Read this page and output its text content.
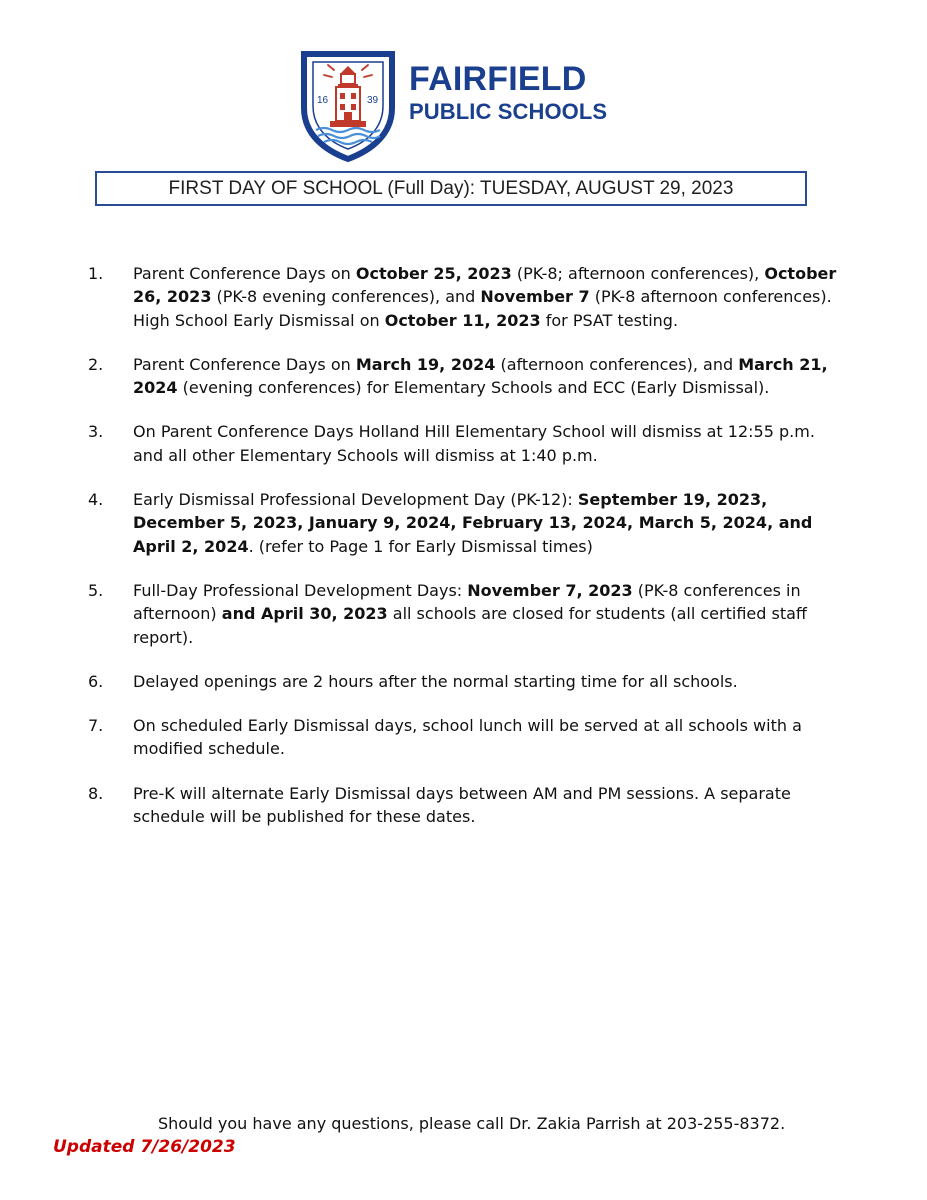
16	39
FAIRFIELD
PUBLIC SCHOOLS
FIRST DAY OF SCHOOL (Full Day): TUESDAY, AUGUST 29, 2023
1. Parent Conference Days on October 25, 2023 (PK-8; afternoon conferences), October 26, 2023 (PK-8 evening conferences), and November 7 (PK-8 afternoon conferences). High School Early Dismissal on October 11, 2023 for PSAT testing.
2. Parent Conference Days on March 19, 2024 (afternoon conferences), and March 21, 2024 (evening conferences) for Elementary Schools and ECC (Early Dismissal).
3. On Parent Conference Days Holland Hill Elementary School will dismiss at 12:55 p.m. and all other Elementary Schools will dismiss at 1:40 p.m.
4. Early Dismissal Professional Development Day (PK-12): September 19, 2023, December 5, 2023, January 9, 2024, February 13, 2024, March 5, 2024, and April 2, 2024. (refer to Page 1 for Early Dismissal times)
5. Full-Day Professional Development Days: November 7, 2023 (PK-8 conferences in afternoon) and April 30, 2023 all schools are closed for students (all certified staff report).
6. Delayed openings are 2 hours after the normal starting time for all schools.
7. On scheduled Early Dismissal days, school lunch will be served at all schools with a modified schedule.
8. Pre-K will alternate Early Dismissal days between AM and PM sessions. A separate schedule will be published for these dates.
Should you have any questions, please call Dr. Zakia Parrish at 203-255-8372.
Updated 7/26/2023
